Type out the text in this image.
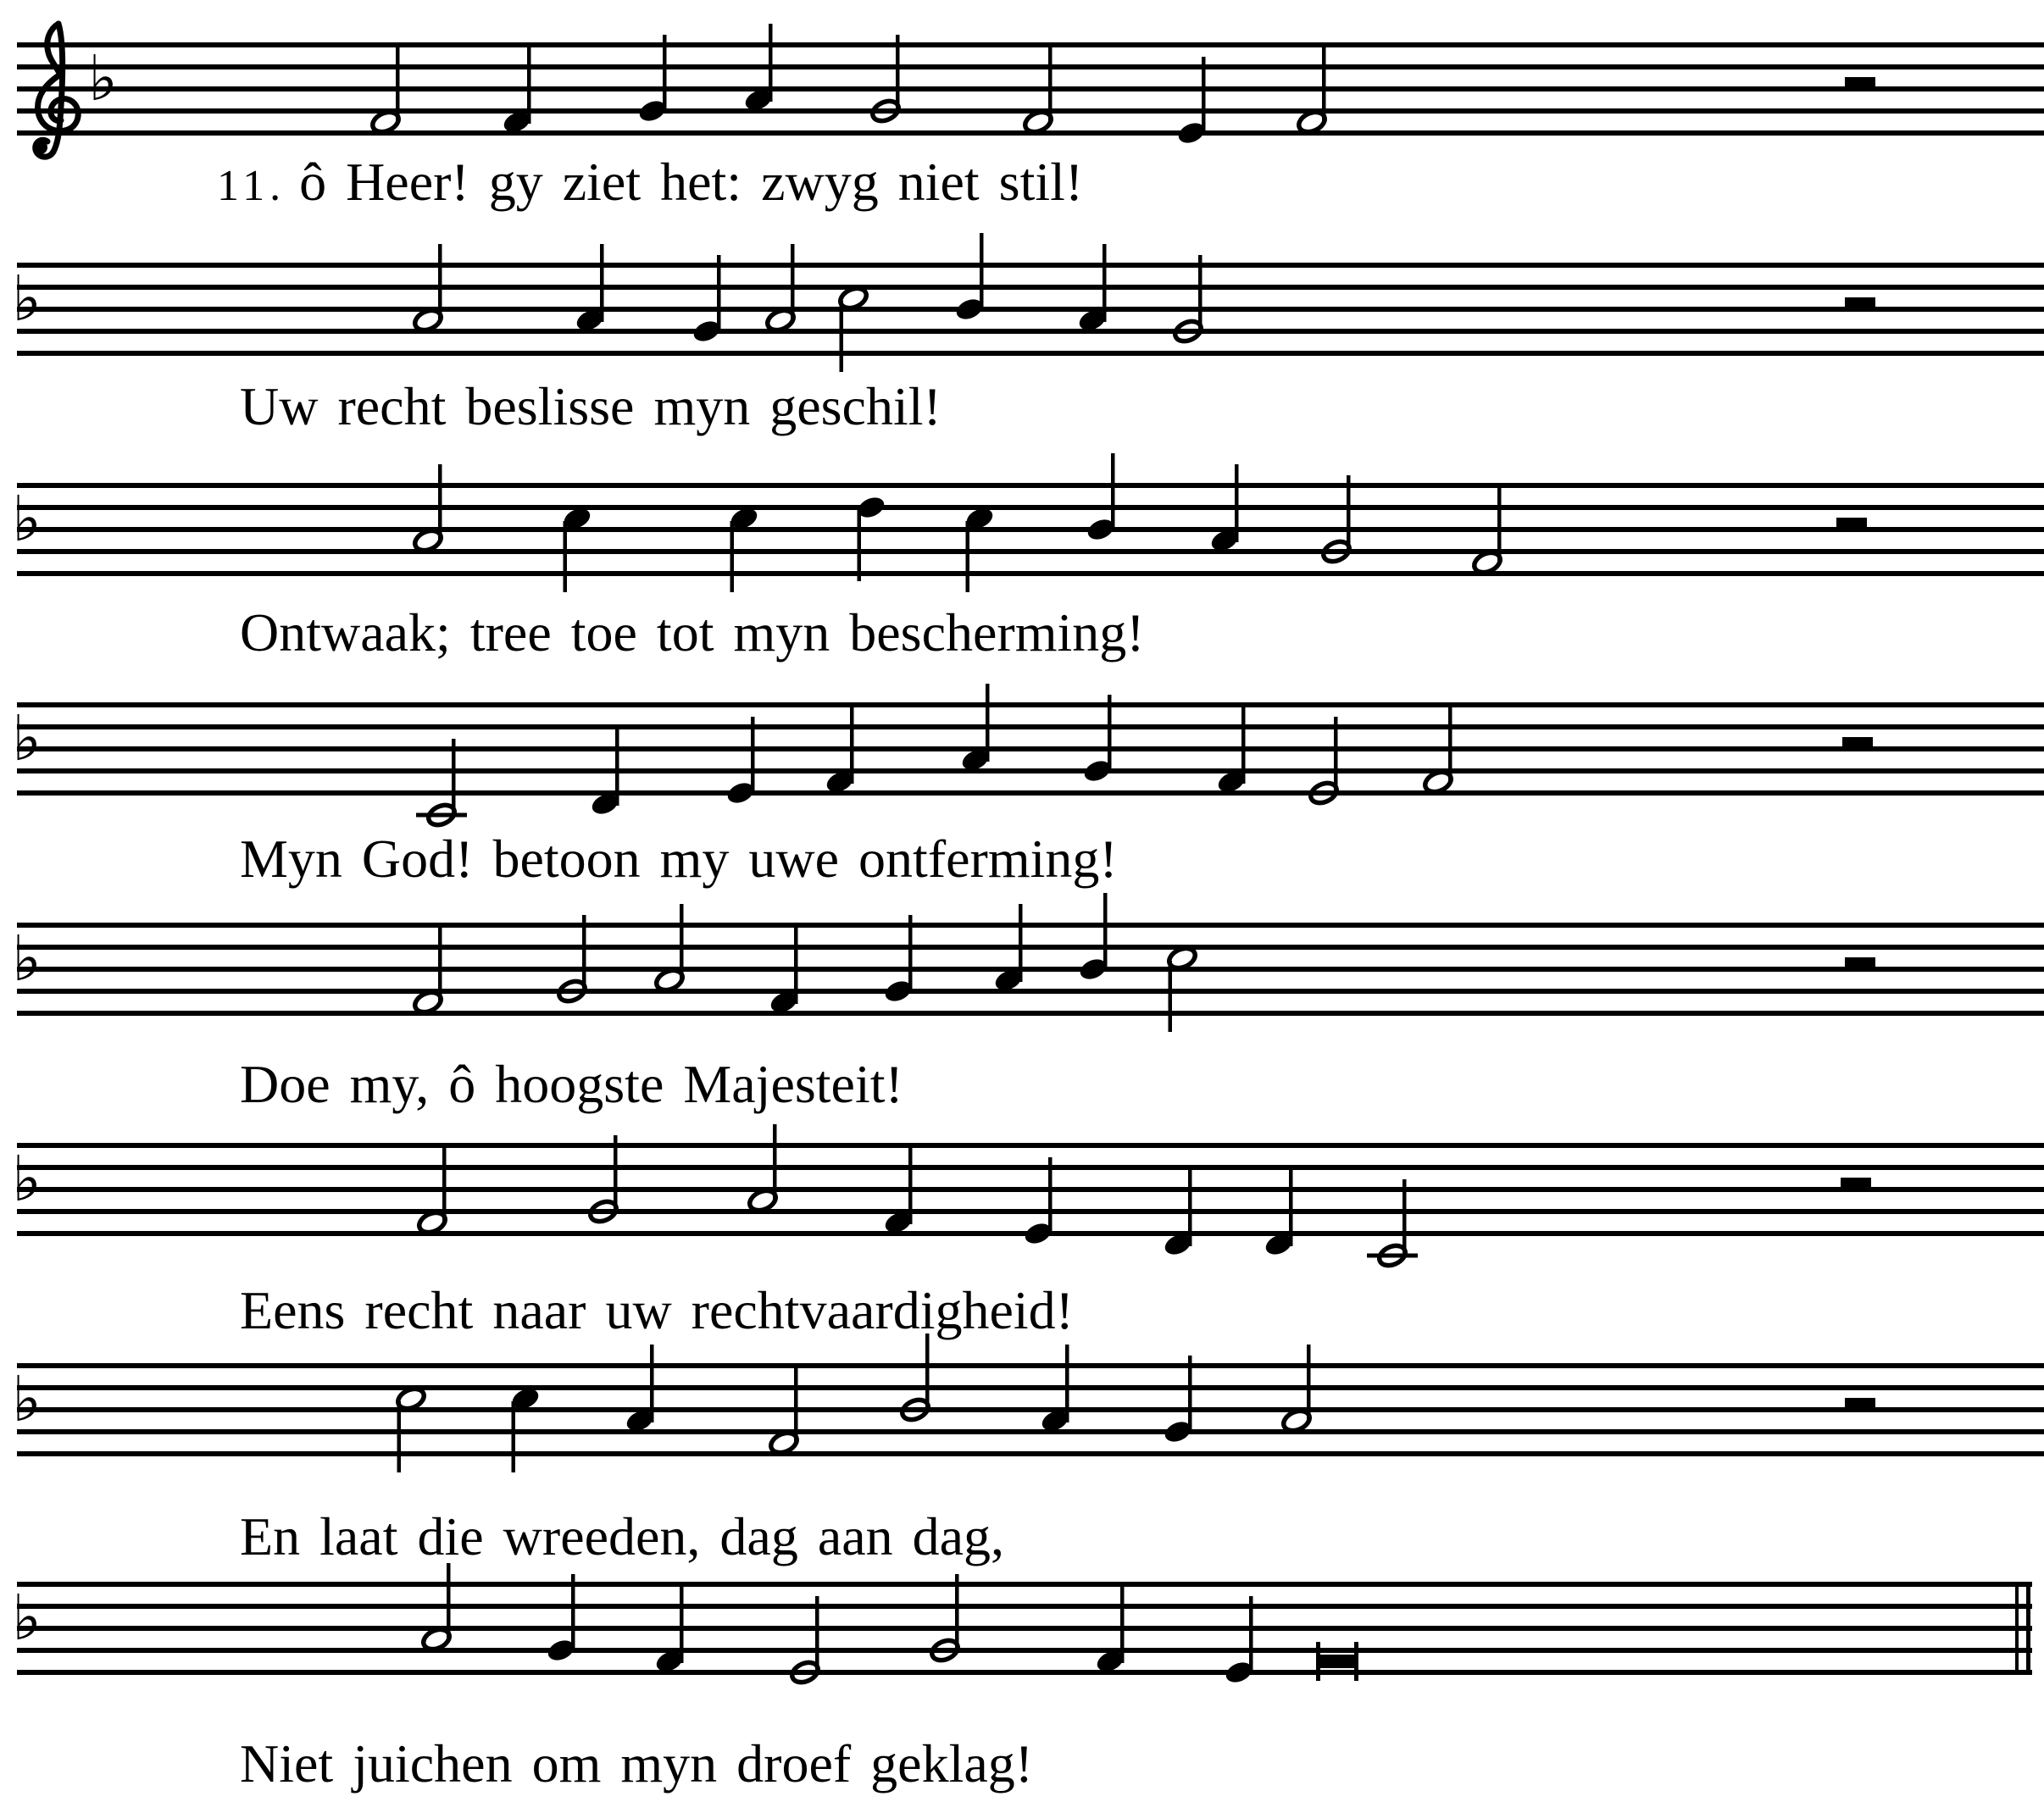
♭
♭
♭
♭
♭
♭
♭
♭
11. ô Heer! gy ziet het: zwyg niet stil!
Uw recht beslisse myn geschil!
Ontwaak; tree toe tot myn bescherming!
Myn God! betoon my uwe ontferming!
Doe my, ô hoogste Majesteit!
Eens recht naar uw rechtvaardigheid!
En laat die wreeden, dag aan dag,
Niet juichen om myn droef geklag!
